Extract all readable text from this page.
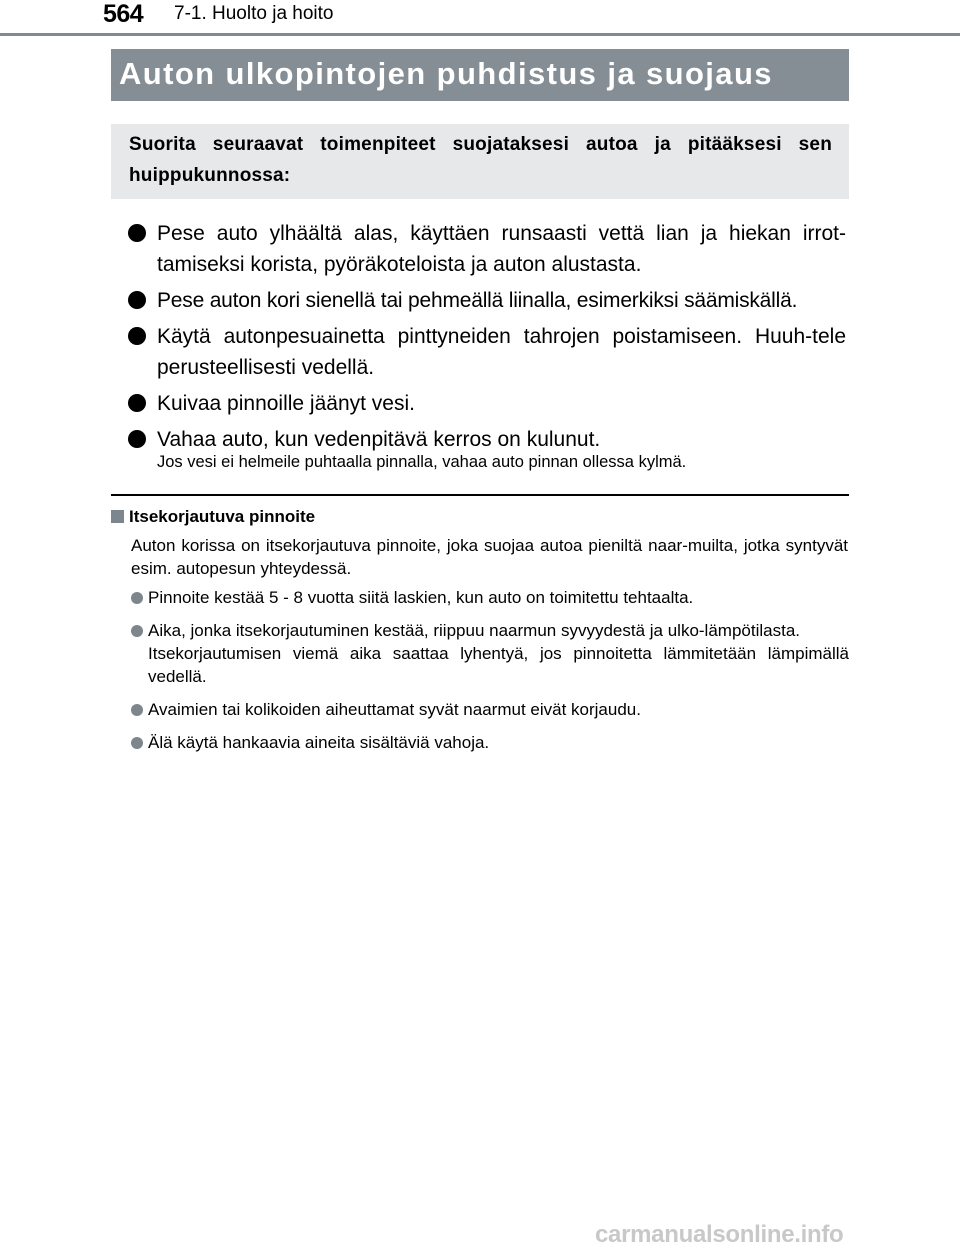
564 7-1. Huolto ja hoito
Auton ulkopintojen puhdistus ja suojaus
Suorita seuraavat toimenpiteet suojataksesi autoa ja pitääksesi sen huippukunnossa:
Pese auto ylhäältä alas, käyttäen runsaasti vettä lian ja hiekan irrot-tamiseksi korista, pyöräkoteloista ja auton alustasta.
Pese auton kori sienellä tai pehmeällä liinalla, esimerkiksi säämiskällä.
Käytä autonpesuainetta pinttyneiden tahrojen poistamiseen. Huuh-tele perusteellisesti vedellä.
Kuivaa pinnoille jäänyt vesi.
Vahaa auto, kun vedenpitävä kerros on kulunut.
Jos vesi ei helmeile puhtaalla pinnalla, vahaa auto pinnan ollessa kylmä.
Itsekorjautuva pinnoite
Auton korissa on itsekorjautuva pinnoite, joka suojaa autoa pieniltä naar-muilta, jotka syntyvät esim. autopesun yhteydessä.
Pinnoite kestää 5 - 8 vuotta siitä laskien, kun auto on toimitettu tehtaalta.
Aika, jonka itsekorjautuminen kestää, riippuu naarmun syvyydestä ja ulko-lämpötilasta.
Itsekorjautumisen viemä aika saattaa lyhentyä, jos pinnoitetta lämmitetään lämpimällä vedellä.
Avaimien tai kolikoiden aiheuttamat syvät naarmut eivät korjaudu.
Älä käytä hankaavia aineita sisältäviä vahoja.
carmanualsonline.info
